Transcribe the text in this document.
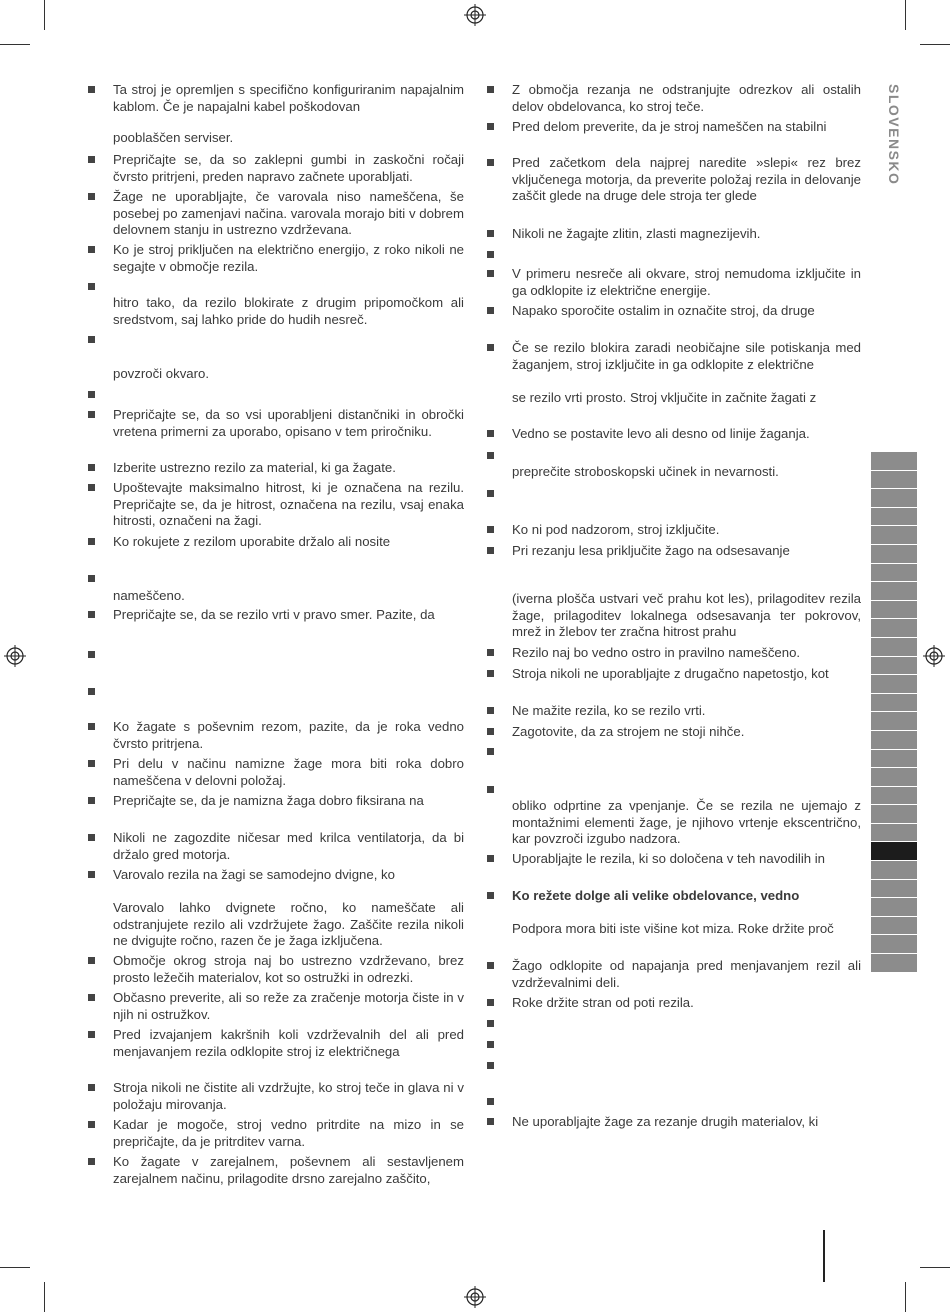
Ta stroj je opremljen s specifično konfiguriranim napajalnim kablom. Če je napajalni kabel poškodovan
pooblaščen serviser.
Prepričajte se, da so zaklepni gumbi in zaskočni ročaji čvrsto pritrjeni, preden napravo začnete uporabljati.
Žage ne uporabljajte, če varovala niso nameščena, še posebej po zamenjavi načina. varovala morajo biti v dobrem delovnem stanju in ustrezno vzdrževana.
Ko je stroj priključen na električno energijo, z roko nikoli ne segajte v območje rezila.
hitro tako, da rezilo blokirate z drugim pripomočkom ali sredstvom, saj lahko pride do hudih nesreč.
povzroči okvaro.
Prepričajte se, da so vsi uporabljeni distančniki in obročki vretena primerni za uporabo, opisano v tem priročniku.
Izberite ustrezno rezilo za material, ki ga žagate.
Upoštevajte maksimalno hitrost, ki je označena na rezilu. Prepričajte se, da je hitrost, označena na rezilu, vsaj enaka hitrosti, označeni na žagi.
Ko rokujete z rezilom uporabite držalo ali nosite
nameščeno.
Prepričajte se, da se rezilo vrti v pravo smer. Pazite, da
Ko žagate s poševnim rezom, pazite, da je roka vedno čvrsto pritrjena.
Pri delu v načinu namizne žage mora biti roka dobro nameščena v delovni položaj.
Prepričajte se, da je namizna žaga dobro fiksirana na
Nikoli ne zagozdite ničesar med krilca ventilatorja, da bi držalo gred motorja.
Varovalo rezila na žagi se samodejno dvigne, ko
Varovalo lahko dvignete ročno, ko nameščate ali odstranjujete rezilo ali vzdržujete žago. Zaščite rezila nikoli ne dvigujte ročno, razen če je žaga izključena.
Območje okrog stroja naj bo ustrezno vzdrževano, brez prosto ležečih materialov, kot so ostružki in odrezki.
Občasno preverite, ali so reže za zračenje motorja čiste in v njih ni ostružkov.
Pred izvajanjem kakršnih koli vzdrževalnih del ali pred menjavanjem rezila odklopite stroj iz električnega
Stroja nikoli ne čistite ali vzdržujte, ko stroj teče in glava ni v položaju mirovanja.
Kadar je mogoče, stroj vedno pritrdite na mizo in se prepričajte, da je pritrditev varna.
Ko žagate v zarejalnem, poševnem ali sestavljenem zarejalnem načinu, prilagodite drsno zarejalno zaščito,
Z območja rezanja ne odstranjujte odrezkov ali ostalih delov obdelovanca, ko stroj teče.
Pred delom preverite, da je stroj nameščen na stabilni
Pred začetkom dela najprej naredite »slepi« rez brez vključenega motorja, da preverite položaj rezila in delovanje zaščit glede na druge dele stroja ter glede
Nikoli ne žagajte zlitin, zlasti magnezijevih.
V primeru nesreče ali okvare, stroj nemudoma izključite in ga odklopite iz električne energije.
Napako sporočite ostalim in označite stroj, da druge
Če se rezilo blokira zaradi neobičajne sile potiskanja med žaganjem, stroj izključite in ga odklopite z električne
se rezilo vrti prosto. Stroj vključite in začnite žagati z
Vedno se postavite levo ali desno od linije žaganja.
preprečite stroboskopski učinek in nevarnosti.
Ko ni pod nadzorom, stroj izključite.
Pri rezanju lesa priključite žago na odsesavanje
(iverna plošča ustvari več prahu kot les), prilagoditev rezila žage, prilagoditev lokalnega odsesavanja ter pokrovov, mrež in žlebov ter zračna hitrost prahu
Rezilo naj bo vedno ostro in pravilno nameščeno.
Stroja nikoli ne uporabljajte z drugačno napetostjo, kot
Ne mažite rezila, ko se rezilo vrti.
Zagotovite, da za strojem ne stoji nihče.
obliko odprtine za vpenjanje. Če se rezila ne ujemajo z montažnimi elementi žage, je njihovo vrtenje ekscentrično, kar povzroči izgubo nadzora.
Uporabljajte le rezila, ki so določena v teh navodilih in
Ko režete dolge ali velike obdelovance, vedno
Podpora mora biti iste višine kot miza. Roke držite proč
Žago odklopite od napajanja pred menjavanjem rezil ali vzdrževalnimi deli.
Roke držite stran od poti rezila.
Ne uporabljajte žage za rezanje drugih materialov, ki
SLOVENSKO
